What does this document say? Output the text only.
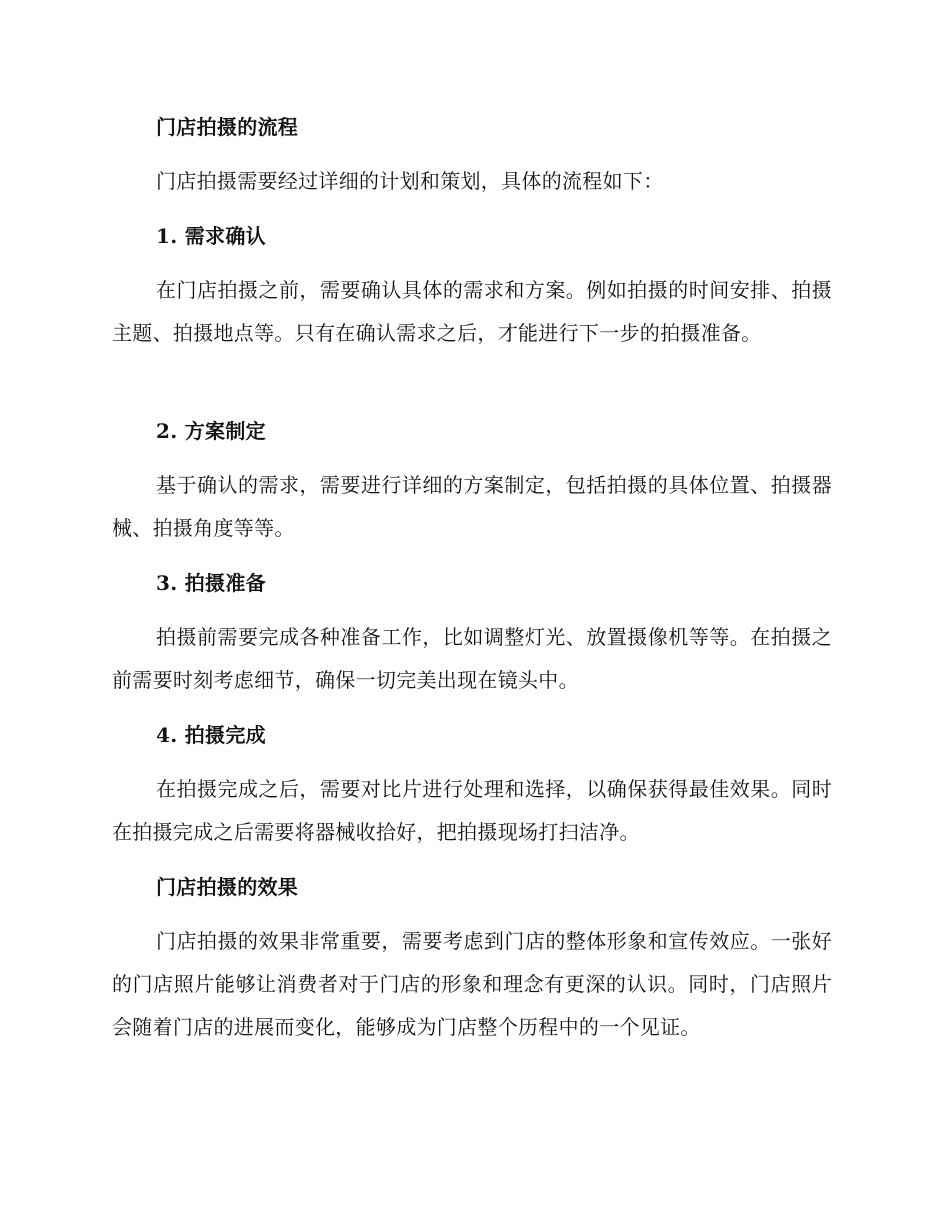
门店拍摄的流程

门店拍摄需要经过详细的计划和策划，具体的流程如下：

1. 需求确认

在门店拍摄之前，需要确认具体的需求和方案。例如拍摄的时间安排、拍摄主题、拍摄地点等。只有在确认需求之后，才能进行下一步的拍摄准备。

2. 方案制定

基于确认的需求，需要进行详细的方案制定，包括拍摄的具体位置、拍摄器械、拍摄角度等等。

3. 拍摄准备

拍摄前需要完成各种准备工作，比如调整灯光、放置摄像机等等。在拍摄之前需要时刻考虑细节，确保一切完美出现在镜头中。

4. 拍摄完成

在拍摄完成之后，需要对比片进行处理和选择，以确保获得最佳效果。同时在拍摄完成之后需要将器械收拾好，把拍摄现场打扫洁净。

门店拍摄的效果

门店拍摄的效果非常重要，需要考虑到门店的整体形象和宣传效应。一张好的门店照片能够让消费者对于门店的形象和理念有更深的认识。同时，门店照片会随着门店的进展而变化，能够成为门店整个历程中的一个见证。
